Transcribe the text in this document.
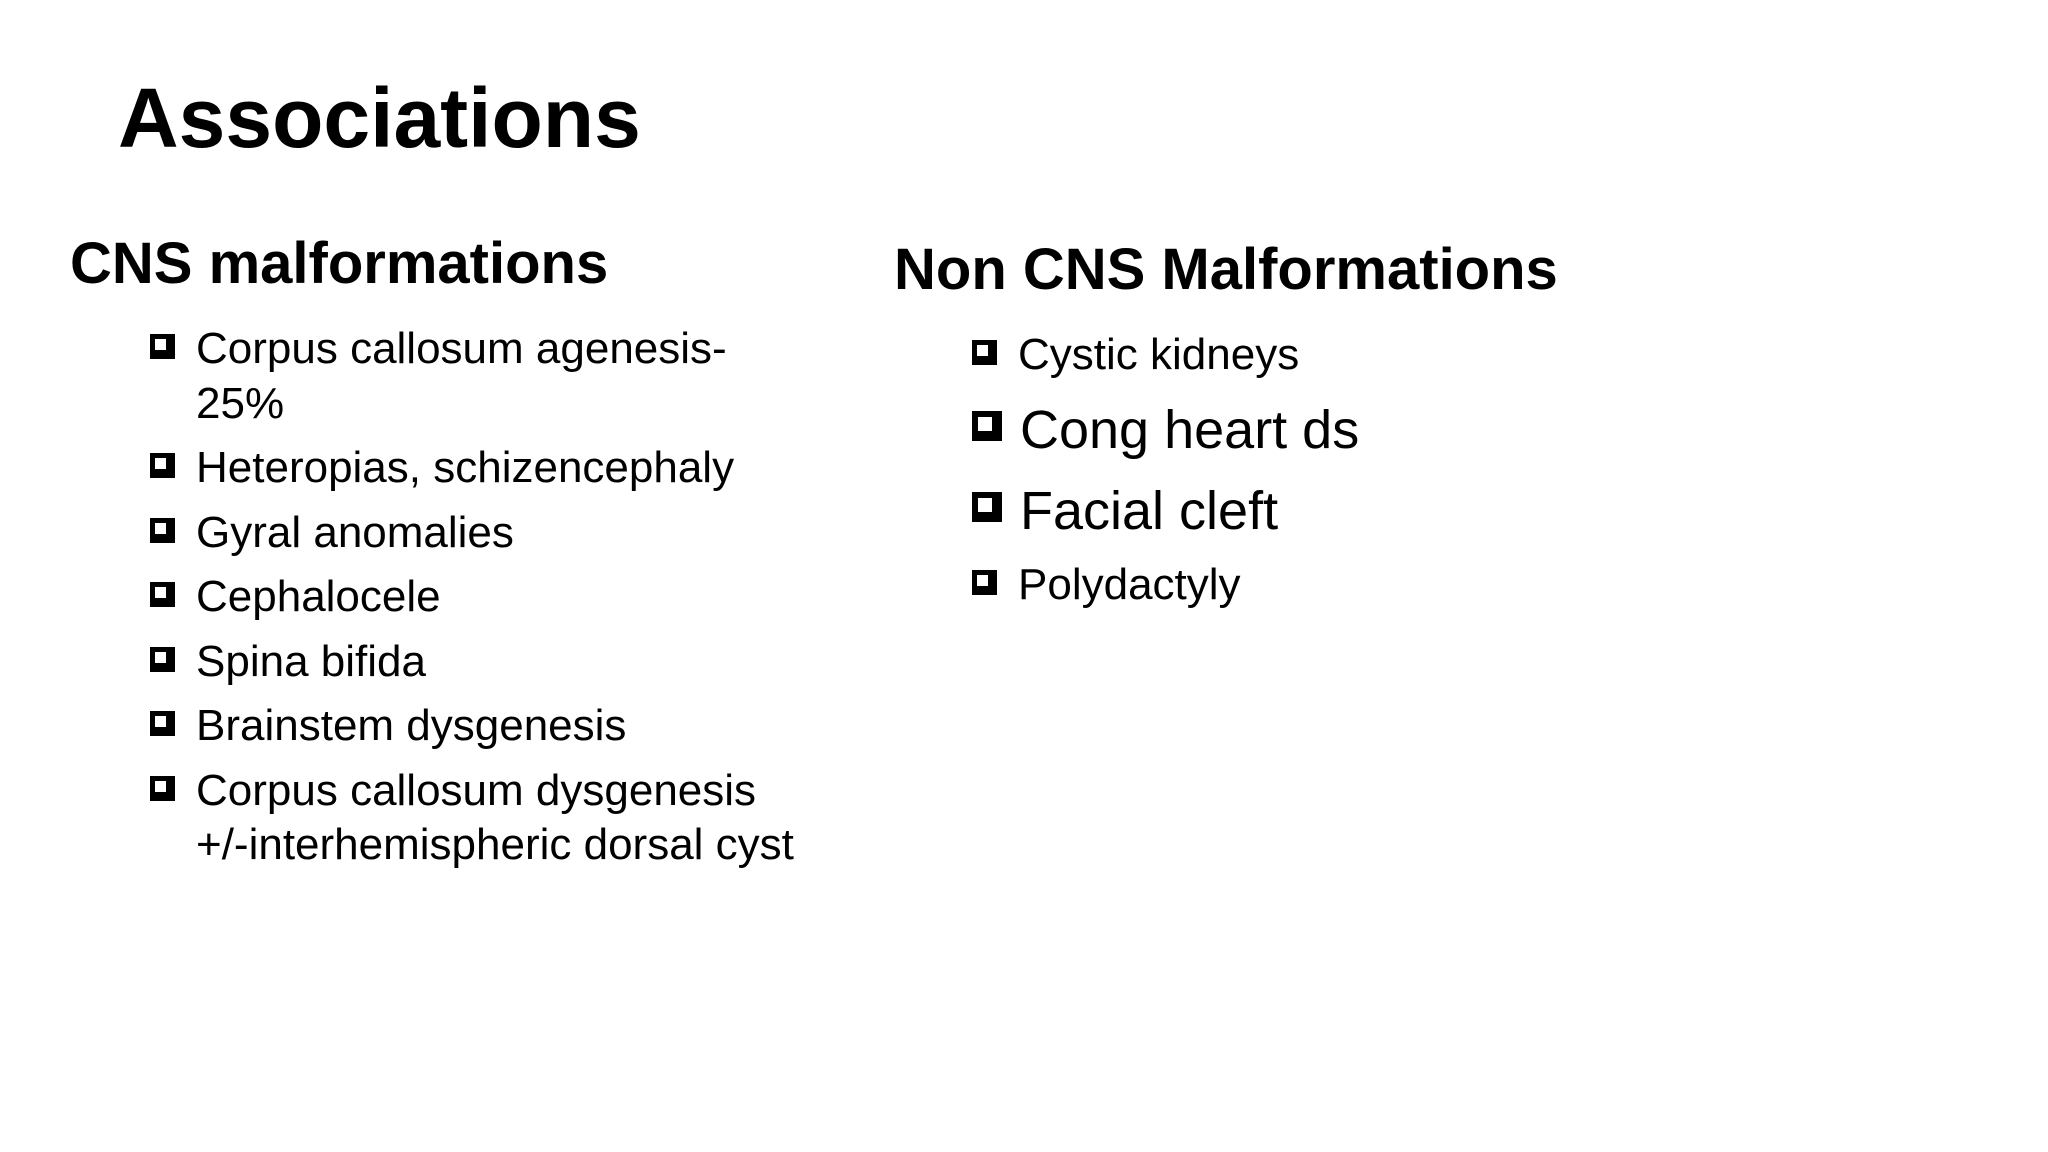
Associations
CNS malformations
Corpus callosum agenesis- 25%
Heteropias, schizencephaly
Gyral anomalies
Cephalocele
Spina bifida
Brainstem dysgenesis
Corpus callosum dysgenesis +/-interhemispheric dorsal cyst
Non CNS Malformations
Cystic kidneys
Cong heart ds
Facial cleft
Polydactyly
